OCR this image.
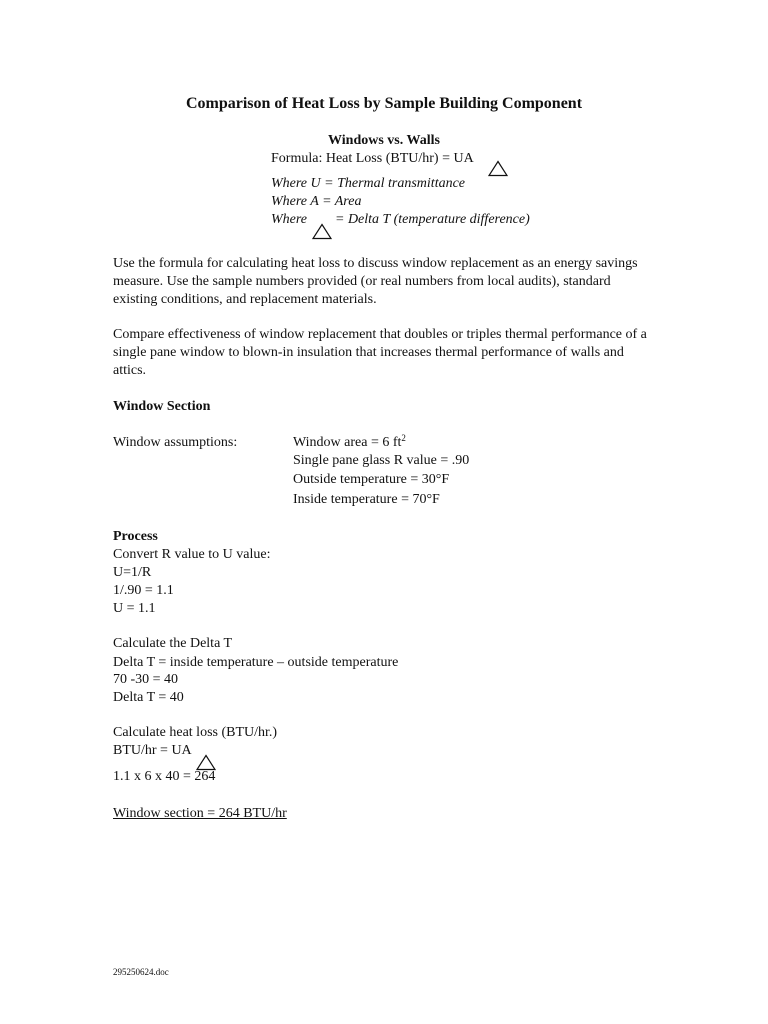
Comparison of Heat Loss by Sample Building Component
Windows vs. Walls
Formula: Heat Loss (BTU/hr) = UA
Where U = Thermal transmittance
Where A = Area
Where = Delta T (temperature difference)
Use the formula for calculating heat loss to discuss window replacement as an energy savings measure. Use the sample numbers provided (or real numbers from local audits), standard existing conditions, and replacement materials.
Compare effectiveness of window replacement that doubles or triples thermal performance of a single pane window to blown-in insulation that increases thermal performance of walls and attics.
Window Section
Window assumptions:	Window area = 6 $ft^2$
Single pane glass R value = .90
Outside temperature = 30°F
Inside temperature = 70°F
Process
Convert R value to U value:
U=1/R
1/.90 = 1.1
U = 1.1
Calculate the Delta T
Delta T = inside temperature – outside temperature
70 -30 = 40
Delta T = 40
Calculate heat loss (BTU/hr.)
BTU/hr = UA
1.1 x 6 x 40 = 264
Window section = 264 BTU/hr
295250624.doc
